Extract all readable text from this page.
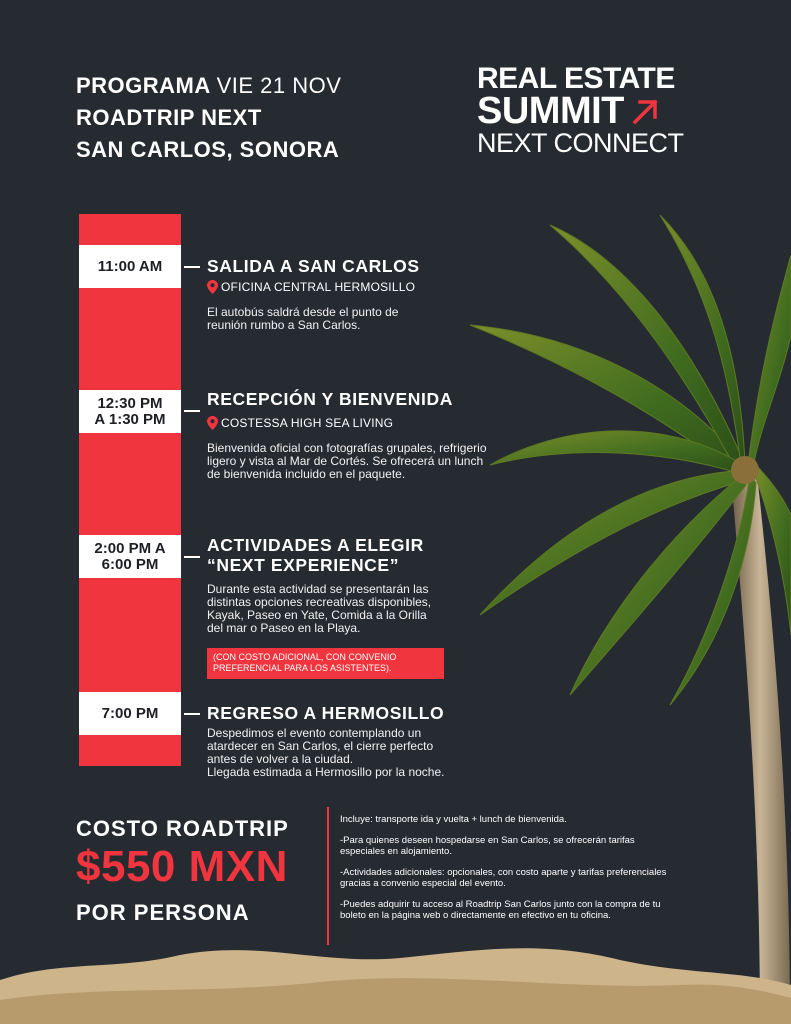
PROGRAMA VIE 21 NOV
ROADTRIP NEXT
SAN CARLOS, SONORA
REAL ESTATE
SUMMIT
NEXT CONNECT
11:00 AM	SALIDA A SAN CARLOS
OFICINA CENTRAL HERMOSILLO
El autobús saldrá desde el punto de
reunión rumbo a San Carlos.
12:30 PM
A 1:30 PM
RECEPCIÓN Y BIENVENIDA
COSTESSA HIGH SEA LIVING
Bienvenida oficial con fotografías grupales, refrigerio
ligero y vista al Mar de Cortés. Se ofrecerá un lunch
de bienvenida incluido en el paquete.
2:00 PM A
6:00 PM
ACTIVIDADES A ELEGIR
“NEXT EXPERIENCE”
Durante esta actividad se presentarán las
distintas opciones recreativas disponibles,
Kayak, Paseo en Yate, Comida a la Orilla
del mar o Paseo en la Playa.
(CON COSTO ADICIONAL, CON CONVENIO
PREFERENCIAL PARA LOS ASISTENTES).
7:00 PM	REGRESO A HERMOSILLO
Despedimos el evento contemplando un
atardecer en San Carlos, el cierre perfecto
antes de volver a la ciudad.
Llegada estimada a Hermosillo por la noche.
COSTO ROADTRIP
$550 MXN
POR PERSONA

Incluye: transporte ida y vuelta + lunch de bienvenida.

-Para quienes deseen hospedarse en San Carlos, se ofrecerán tarifas
especiales en alojamiento.

-Actividades adicionales: opcionales, con costo aparte y tarifas preferenciales
gracias a convenio especial del evento.

-Puedes adquirir tu acceso al Roadtrip San Carlos junto con la compra de tu
boleto en la página web o directamente en efectivo en tu oficina.
